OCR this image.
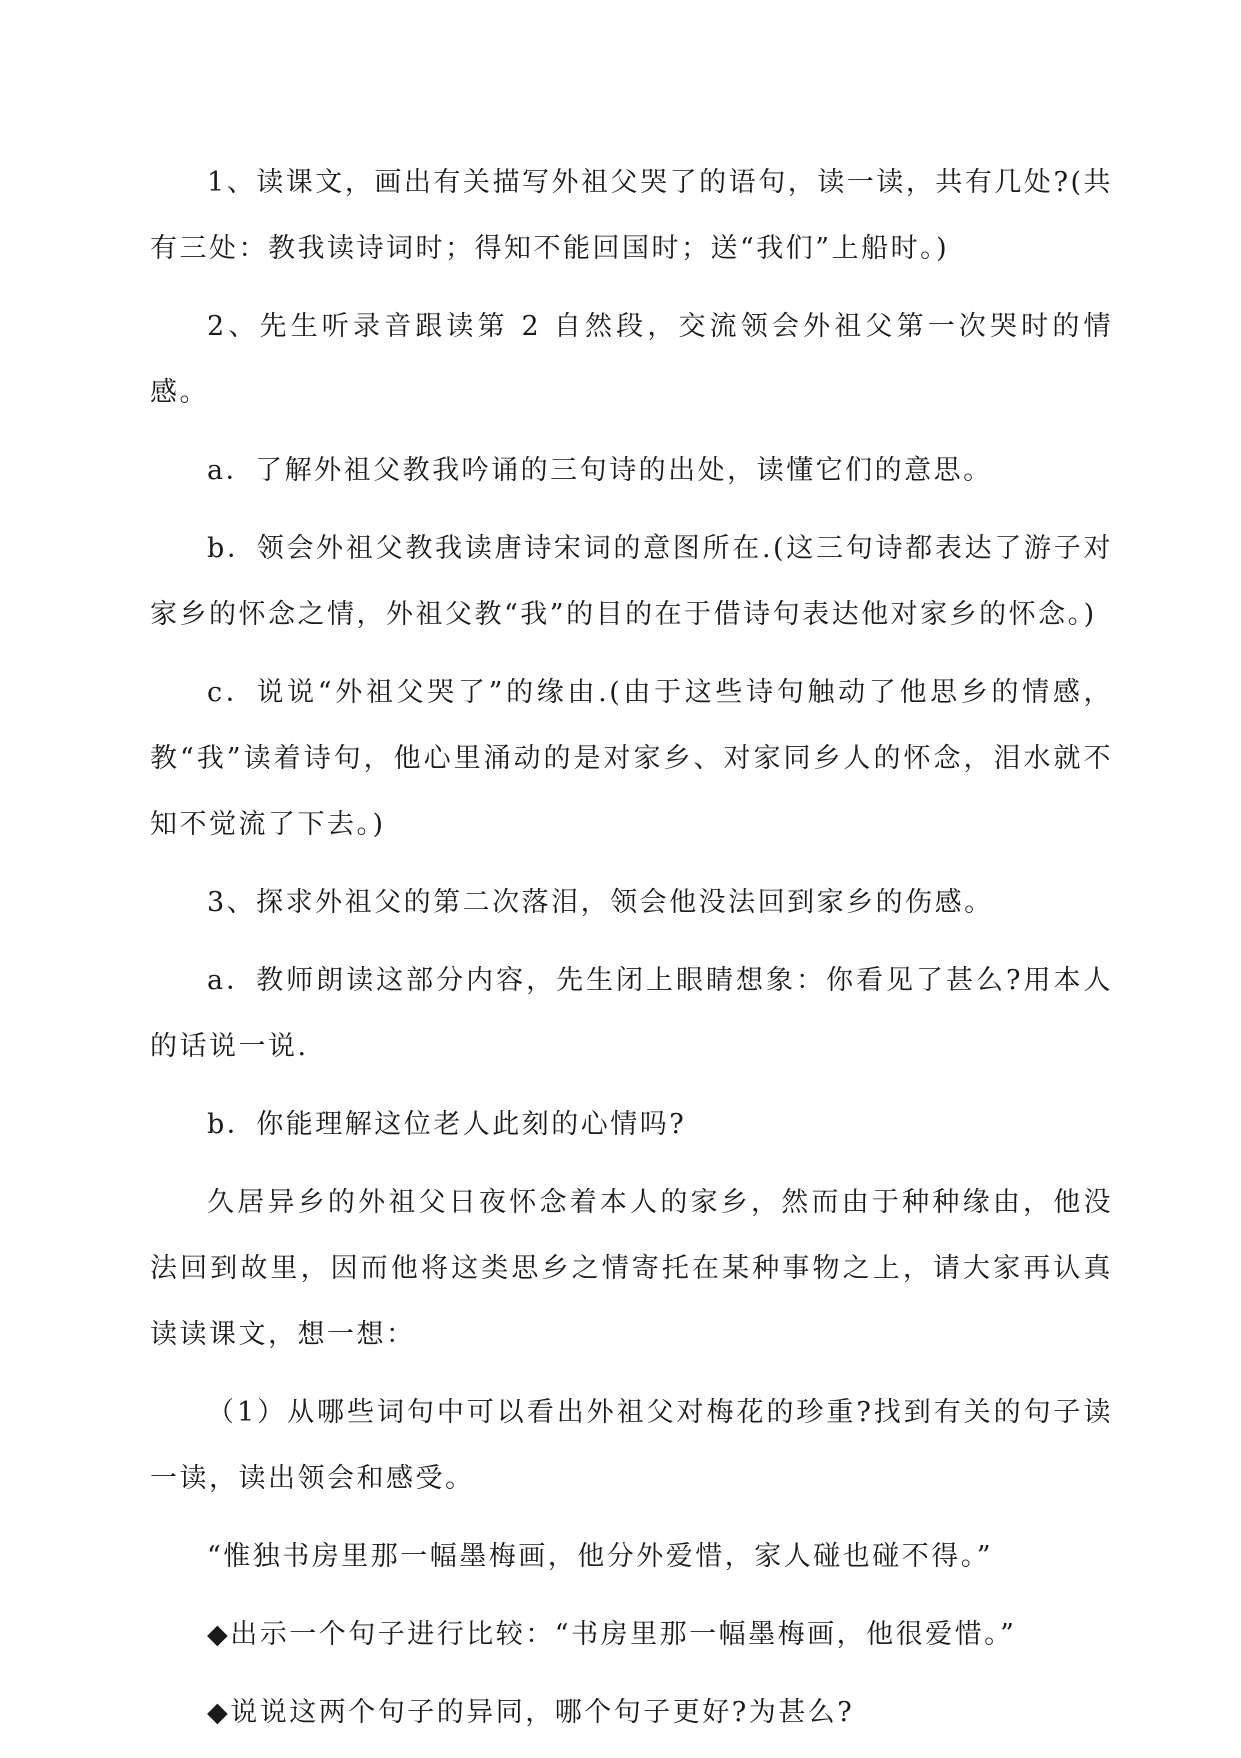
1、读课文，画出有关描写外祖父哭了的语句，读一读，共有几处?(共有三处：教我读诗词时；得知不能回国时；送“我们”上船时。)

2、先生听录音跟读第 2 自然段，交流领会外祖父第一次哭时的情感。

a．了解外祖父教我吟诵的三句诗的出处，读懂它们的意思。

b．领会外祖父教我读唐诗宋词的意图所在.(这三句诗都表达了游子对家乡的怀念之情，外祖父教“我”的目的在于借诗句表达他对家乡的怀念。)

c．说说“外祖父哭了”的缘由.(由于这些诗句触动了他思乡的情感，教“我”读着诗句，他心里涌动的是对家乡、对家同乡人的怀念，泪水就不知不觉流了下去。)

3、探求外祖父的第二次落泪，领会他没法回到家乡的伤感。

a．教师朗读这部分内容，先生闭上眼睛想象：你看见了甚么?用本人的话说一说.

b．你能理解这位老人此刻的心情吗?

久居异乡的外祖父日夜怀念着本人的家乡，然而由于种种缘由，他没法回到故里，因而他将这类思乡之情寄托在某种事物之上，请大家再认真读读课文，想一想：

（1）从哪些词句中可以看出外祖父对梅花的珍重?找到有关的句子读一读，读出领会和感受。

“惟独书房里那一幅墨梅画，他分外爱惜，家人碰也碰不得。”

◆出示一个句子进行比较：“书房里那一幅墨梅画，他很爱惜。”

◆说说这两个句子的异同，哪个句子更好?为甚么?
